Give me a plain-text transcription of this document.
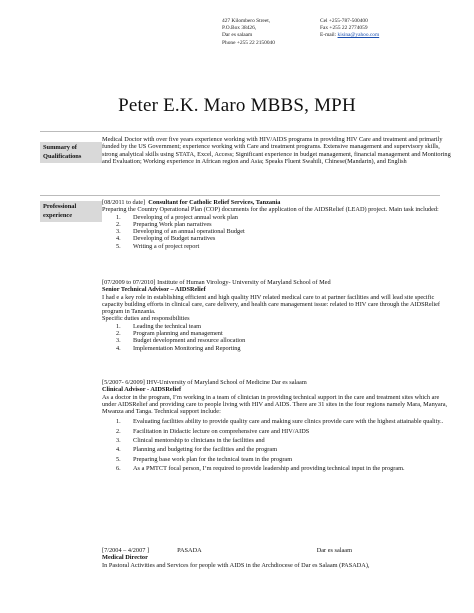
427 Kilombero Street,
P.O.Box 38426,
Dar es salaam
Phone +255 22 2150040
Cel +255-787-500400
Fax +255 22 2774059
E-mail: kisina@yahoo.com
Peter E.K. Maro MBBS, MPH
Summary of
Qualifications

Medical Doctor with over five years experience working with HIV/AIDS programs in providing HIV Care and treatment and primarily funded by the US Government; experience working with Care and treatment programs. Extensive management and supervisory skills, strong analytical skills using STATA, Excel, Access; Significant experience in budget management, financial management and Monitoring and Evaluation; Working experience in African region and Asia; Speaks Fluent Swahili, Chinese(Mandarin), and English

Professional
experience

[08/2011 to date] Consultant for Catholic Relief Services, Tanzania

Preparing the Country Operational Plan (COP) documents for the application of the AIDSRelief (LEAD) project. Main task included:

1. Developing of a project annual work plan
2. Preparing Work plan narratives
3. Developing of an annual operational Budget
4. Developing of Budget narratives
5. Writing a of project report

[07/2009 to 07/2010] Institute of Human Virology- University of Maryland School of Med

Senior Technical Advisor – AIDSRelief

I had e a key role in establishing efficient and high quality HIV related medical care to at partner facilities and will lead site specific capacity building efforts in clinical care, care delivery, and health care management issue: related to HIV care through the AIDSRelief program in Tanzania.

Specific duties and responsibilities

1. Leading the technical team
2. Program planning and management
3. Budget development and resource allocation
4. Implementation Monitoring and Reporting

[5/2007- 6/2009] IHV-University of Maryland School of Medicine Dar es salaam

Clinical Advisor - AIDSRelief

As a doctor in the program, I’m working in a team of clinician in providing technical support in the care and treatment sites which are under AIDSRelief and providing care to people living with HIV and AIDS. There are 31 sites in the four regions namely Mara, Manyara, Mwanza and Tanga. Technical support include:

1. Evaluating facilities ability to provide quality care and making sure clinics provide care with the highest attainable quality..
2. Facilitation in Didactic lecture on comprehensive care and HIV/AIDS
3. Clinical mentorship to clinicians in the facilities and
4. Planning and budgeting for the facilities and the program
5. Preparing base work plan for the technical team in the program
6. As a PMTCT focal person, I’m required to provide leadership and providing technical input in the program.

[7/2004 – 4/2007 ]	PASADA	Dar es salaam

Medical Director

In Pastoral Activities and Services for people with AIDS in the Archdiocese of Dar es Salaam (PASADA),
